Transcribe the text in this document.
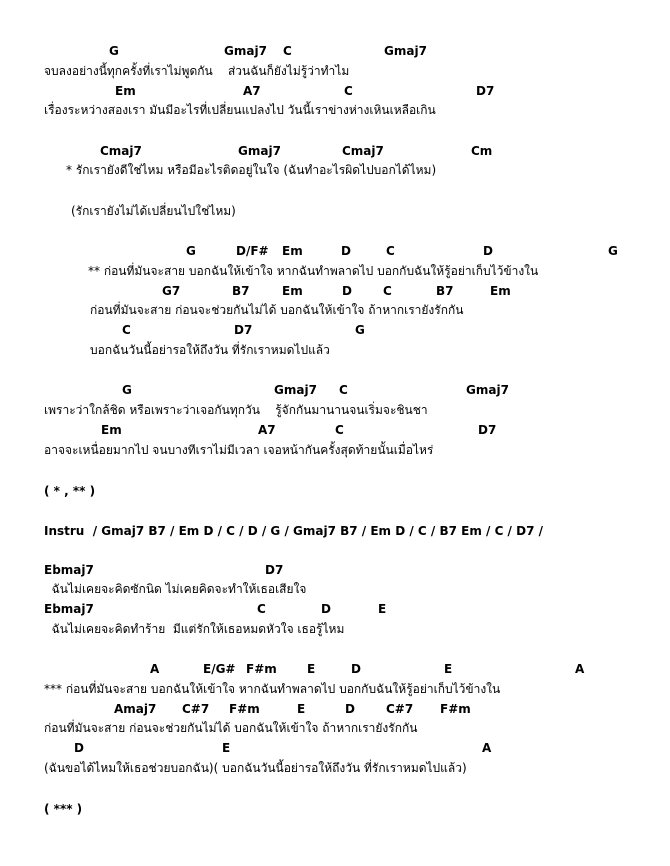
G	Gmaj7 C	Gmaj7
จบลงอย่างนี้ทุกครั้งที่เราไม่พูดกัน    ส่วนฉันก็ยังไม่รู้ว่าทำไม
Em	A7	C	D7
เรื่องระหว่างสองเรา มันมีอะไรที่เปลี่ยนแปลงไป วันนี้เราข่างห่างเหินเหลือเกิน
Cmaj7	Gmaj7	Cmaj7	Cm
* รักเรายังดีใช่ไหม หรือมีอะไรติดอยู่ในใจ (ฉันทำอะไรผิดไปบอกได้ไหม)
(รักเรายังไม่ได้เปลี่ยนไปใช่ไหม)
G	D/F# Em	D	C	D	G
** ก่อนที่มันจะสาย บอกฉันให้เข้าใจ หากฉันทำพลาดไป บอกกับฉันให้รู้อย่าเก็บไว้ข้างใน
G7	B7	Em	D	C	B7	Em
ก่อนที่มันจะสาย ก่อนจะช่วยกันไม่ได้ บอกฉันให้เข้าใจ ถ้าหากเรายังรักกัน
C	D7	G
บอกฉันวันนี้อย่ารอให้ถึงวัน ที่รักเราหมดไปแล้ว
G	Gmaj7 C	Gmaj7
เพราะว่าใกล้ชิด หรือเพราะว่าเจอกันทุกวัน    รู้จักกันมานานจนเริ่มจะชินชา
Em	A7	C	D7
อาจจะเหนื่อยมากไป จนบางทีเราไม่มีเวลา เจอหน้ากันครั้งสุดท้ายนั้นเมื่อไหร่
( * , ** )
Instru  / Gmaj7 B7 / Em D / C / D / G / Gmaj7 B7 / Em D / C / B7 Em / C / D7 /
Ebmaj7	D7
ฉันไม่เคยจะคิดซักนิด ไม่เคยคิดจะทำให้เธอเสียใจ
Ebmaj7	C	D	E
ฉันไม่เคยจะคิดทำร้าย  มีแต่รักให้เธอหมดหัวใจ เธอรู้ไหม
A	E/G# F#m	E	D	E	A
*** ก่อนที่มันจะสาย บอกฉันให้เข้าใจ หากฉันทำพลาดไป บอกกับฉันให้รู้อย่าเก็บไว้ข้างใน
Amaj7 C#7 F#m	E	D	C#7 F#m
ก่อนที่มันจะสาย ก่อนจะช่วยกันไม่ได้ บอกฉันให้เข้าใจ ถ้าหากเรายังรักกัน
D	E	A
(ฉันขอได้ไหมให้เธอช่วยบอกฉัน)( บอกฉันวันนี้อย่ารอให้ถึงวัน ที่รักเราหมดไปแล้ว)
( *** )
